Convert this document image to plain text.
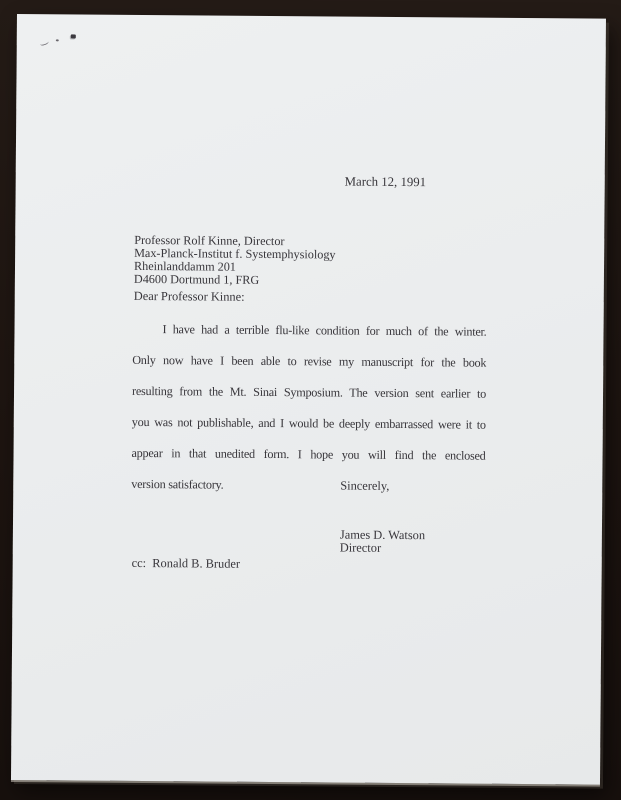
March 12, 1991
Professor Rolf Kinne, Director
Max-Planck-Institut f. Systemphysiology
Rheinlanddamm 201
D4600 Dortmund 1, FRG
Dear Professor Kinne:
I have had a terrible flu-like condition for much of the winter.
Only now have I been able to revise my manuscript for the book
resulting from the Mt. Sinai Symposium. The version sent earlier to
you was not publishable, and I would be deeply embarrassed were it to
appear in that unedited form. I hope you will find the enclosed
version satisfactory.	Sincerely,
James D. Watson
Director
cc:  Ronald B. Bruder
